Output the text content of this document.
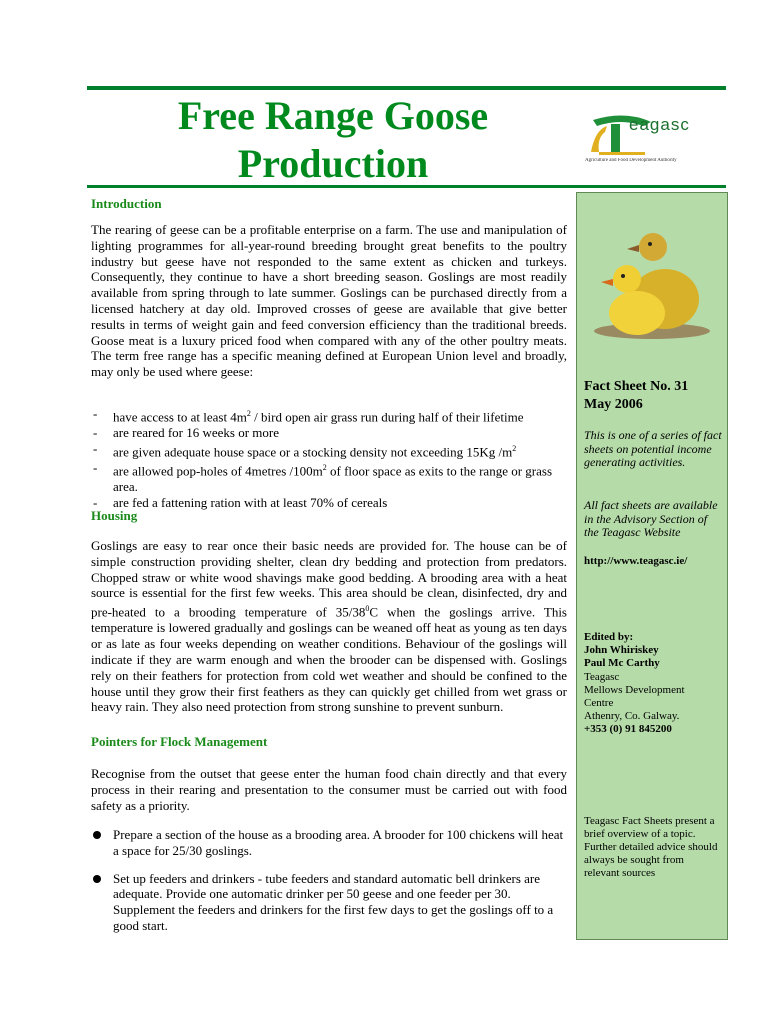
Free Range Goose
Production
eagasc
Agriculture and Food Development Authority
Introduction
The rearing of geese can be a profitable enterprise on a farm. The use and manipulation of lighting programmes for all-year-round breeding brought great benefits to the poultry industry but geese have not responded to the same extent as chicken and turkeys. Consequently, they continue to have a short breeding season. Goslings are most readily available from spring through to late summer. Goslings can be purchased directly from a licensed hatchery at day old. Improved crosses of geese are available that give better results in terms of weight gain and feed conversion efficiency than the traditional breeds. Goose meat is a luxury priced food when compared with any of the other poultry meats. The term free range has a specific meaning defined at European Union level and broadly, may only be used where geese:
- have access to at least $4m^2$ / bird open air grass run during half of their lifetime
- are reared for 16 weeks or more
- are given adequate house space or a stocking density not exceeding 15Kg $/m^2$
- are allowed pop-holes of 4metres $/100m^2$ of floor space as exits to the range or grass area.
- are fed a fattening ration with at least 70% of cereals
Housing
Goslings are easy to rear once their basic needs are provided for. The house can be of simple construction providing shelter, clean dry bedding and protection from predators. Chopped straw or white wood shavings make good bedding. A brooding area with a heat source is essential for the first few weeks. This area should be clean, disinfected, dry and pre-heated to a brooding temperature of $35/38^0C$ when the goslings arrive. This temperature is lowered gradually and goslings can be weaned off heat as young as ten days or as late as four weeks depending on weather conditions. Behaviour of the goslings will indicate if they are warm enough and when the brooder can be dispensed with. Goslings rely on their feathers for protection from cold wet weather and should be confined to the house until they grow their first feathers as they can quickly get chilled from wet grass or heavy rain. They also need protection from strong sunshine to prevent sunburn.
Pointers for Flock Management
Recognise from the outset that geese enter the human food chain directly and that every process in their rearing and presentation to the consumer must be carried out with food safety as a priority.
Prepare a section of the house as a brooding area. A brooder for 100 chickens will heat a space for 25/30 goslings.
Set up feeders and drinkers - tube feeders and standard automatic bell drinkers are adequate. Provide one automatic drinker per 50 geese and one feeder per 30. Supplement the feeders and drinkers for the first few days to get the goslings off to a good start.
Fact Sheet No. 31
May 2006
This is one of a series of fact sheets on potential income generating activities.
All fact sheets are available in the Advisory Section of the Teagasc Website
http://www.teagasc.ie/
Edited by:
John Whiriskey
Paul Mc Carthy
Teagasc
Mellows Development Centre
Athenry, Co. Galway.
+353 (0) 91 845200
Teagasc Fact Sheets present a brief overview of a topic. Further detailed advice should always be sought from relevant sources
